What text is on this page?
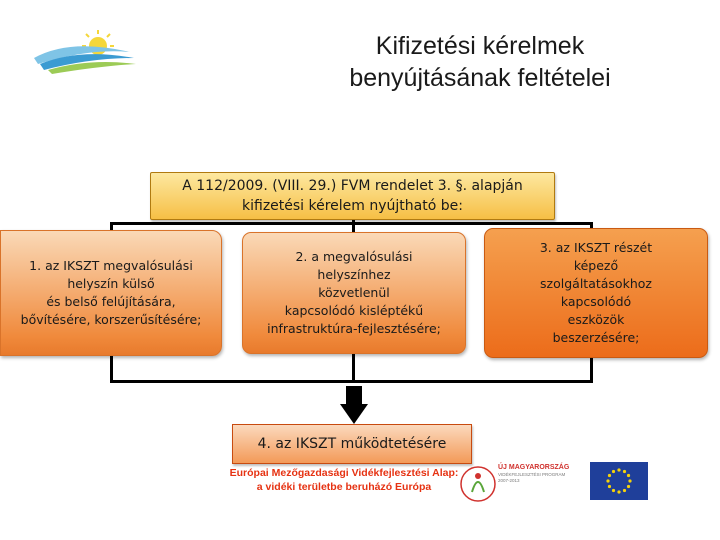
Kifizetési kérelmek
benyújtásának feltételei
A 112/2009. (VIII. 29.) FVM rendelet 3. §. alapján
kifizetési kérelem nyújtható be:
1. az IKSZT megvalósulási
helyszín külső
és belső felújítására,
bővítésére, korszerűsítésére;
2. a megvalósulási
helyszínhez
közvetlenül
kapcsolódó kisléptékű
infrastruktúra-fejlesztésére;
3. az IKSZT részét
képező
szolgáltatásokhoz
kapcsolódó
eszközök
beszerzésére;
4. az IKSZT működtetésére
Európai Mezőgazdasági Vidékfejlesztési Alap:
a vidéki területbe beruházó Európa
ÚJ MAGYARORSZÁG
VIDÉKFEJLESZTÉSI PROGRAM
2007-2013
